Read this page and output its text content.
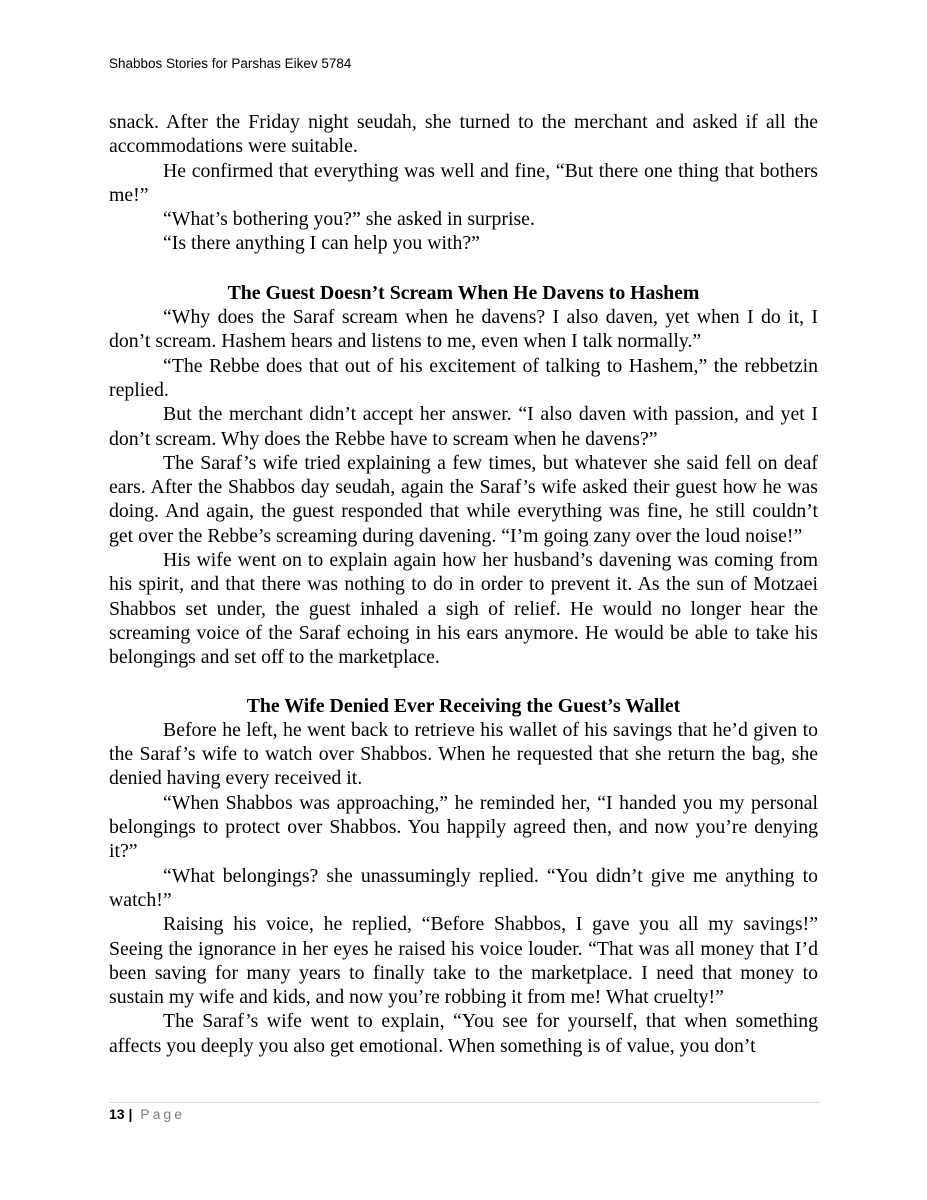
Shabbos Stories for Parshas Eikev 5784

snack. After the Friday night seudah, she turned to the merchant and asked if all the accommodations were suitable.

He confirmed that everything was well and fine, “But there one thing that bothers me!”

“What’s bothering you?” she asked in surprise.

“Is there anything I can help you with?”

The Guest Doesn’t Scream When He Davens to Hashem

“Why does the Saraf scream when he davens? I also daven, yet when I do it, I don’t scream. Hashem hears and listens to me, even when I talk normally.”

“The Rebbe does that out of his excitement of talking to Hashem,” the rebbetzin replied.

But the merchant didn’t accept her answer. “I also daven with passion, and yet I don’t scream. Why does the Rebbe have to scream when he davens?”

The Saraf’s wife tried explaining a few times, but whatever she said fell on deaf ears. After the Shabbos day seudah, again the Saraf’s wife asked their guest how he was doing. And again, the guest responded that while everything was fine, he still couldn’t get over the Rebbe’s screaming during davening. “I’m going zany over the loud noise!”

His wife went on to explain again how her husband’s davening was coming from his spirit, and that there was nothing to do in order to prevent it. As the sun of Motzaei Shabbos set under, the guest inhaled a sigh of relief. He would no longer hear the screaming voice of the Saraf echoing in his ears anymore. He would be able to take his belongings and set off to the marketplace.

The Wife Denied Ever Receiving the Guest’s Wallet

Before he left, he went back to retrieve his wallet of his savings that he’d given to the Saraf’s wife to watch over Shabbos. When he requested that she return the bag, she denied having every received it.

“When Shabbos was approaching,” he reminded her, “I handed you my personal belongings to protect over Shabbos. You happily agreed then, and now you’re denying it?”

“What belongings? she unassumingly replied. “You didn’t give me anything to watch!”

Raising his voice, he replied, “Before Shabbos, I gave you all my savings!” Seeing the ignorance in her eyes he raised his voice louder. “That was all money that I’d been saving for many years to finally take to the marketplace. I need that money to sustain my wife and kids, and now you’re robbing it from me! What cruelty!”

The Saraf’s wife went to explain, “You see for yourself, that when something affects you deeply you also get emotional. When something is of value, you don’t

13 | Page
